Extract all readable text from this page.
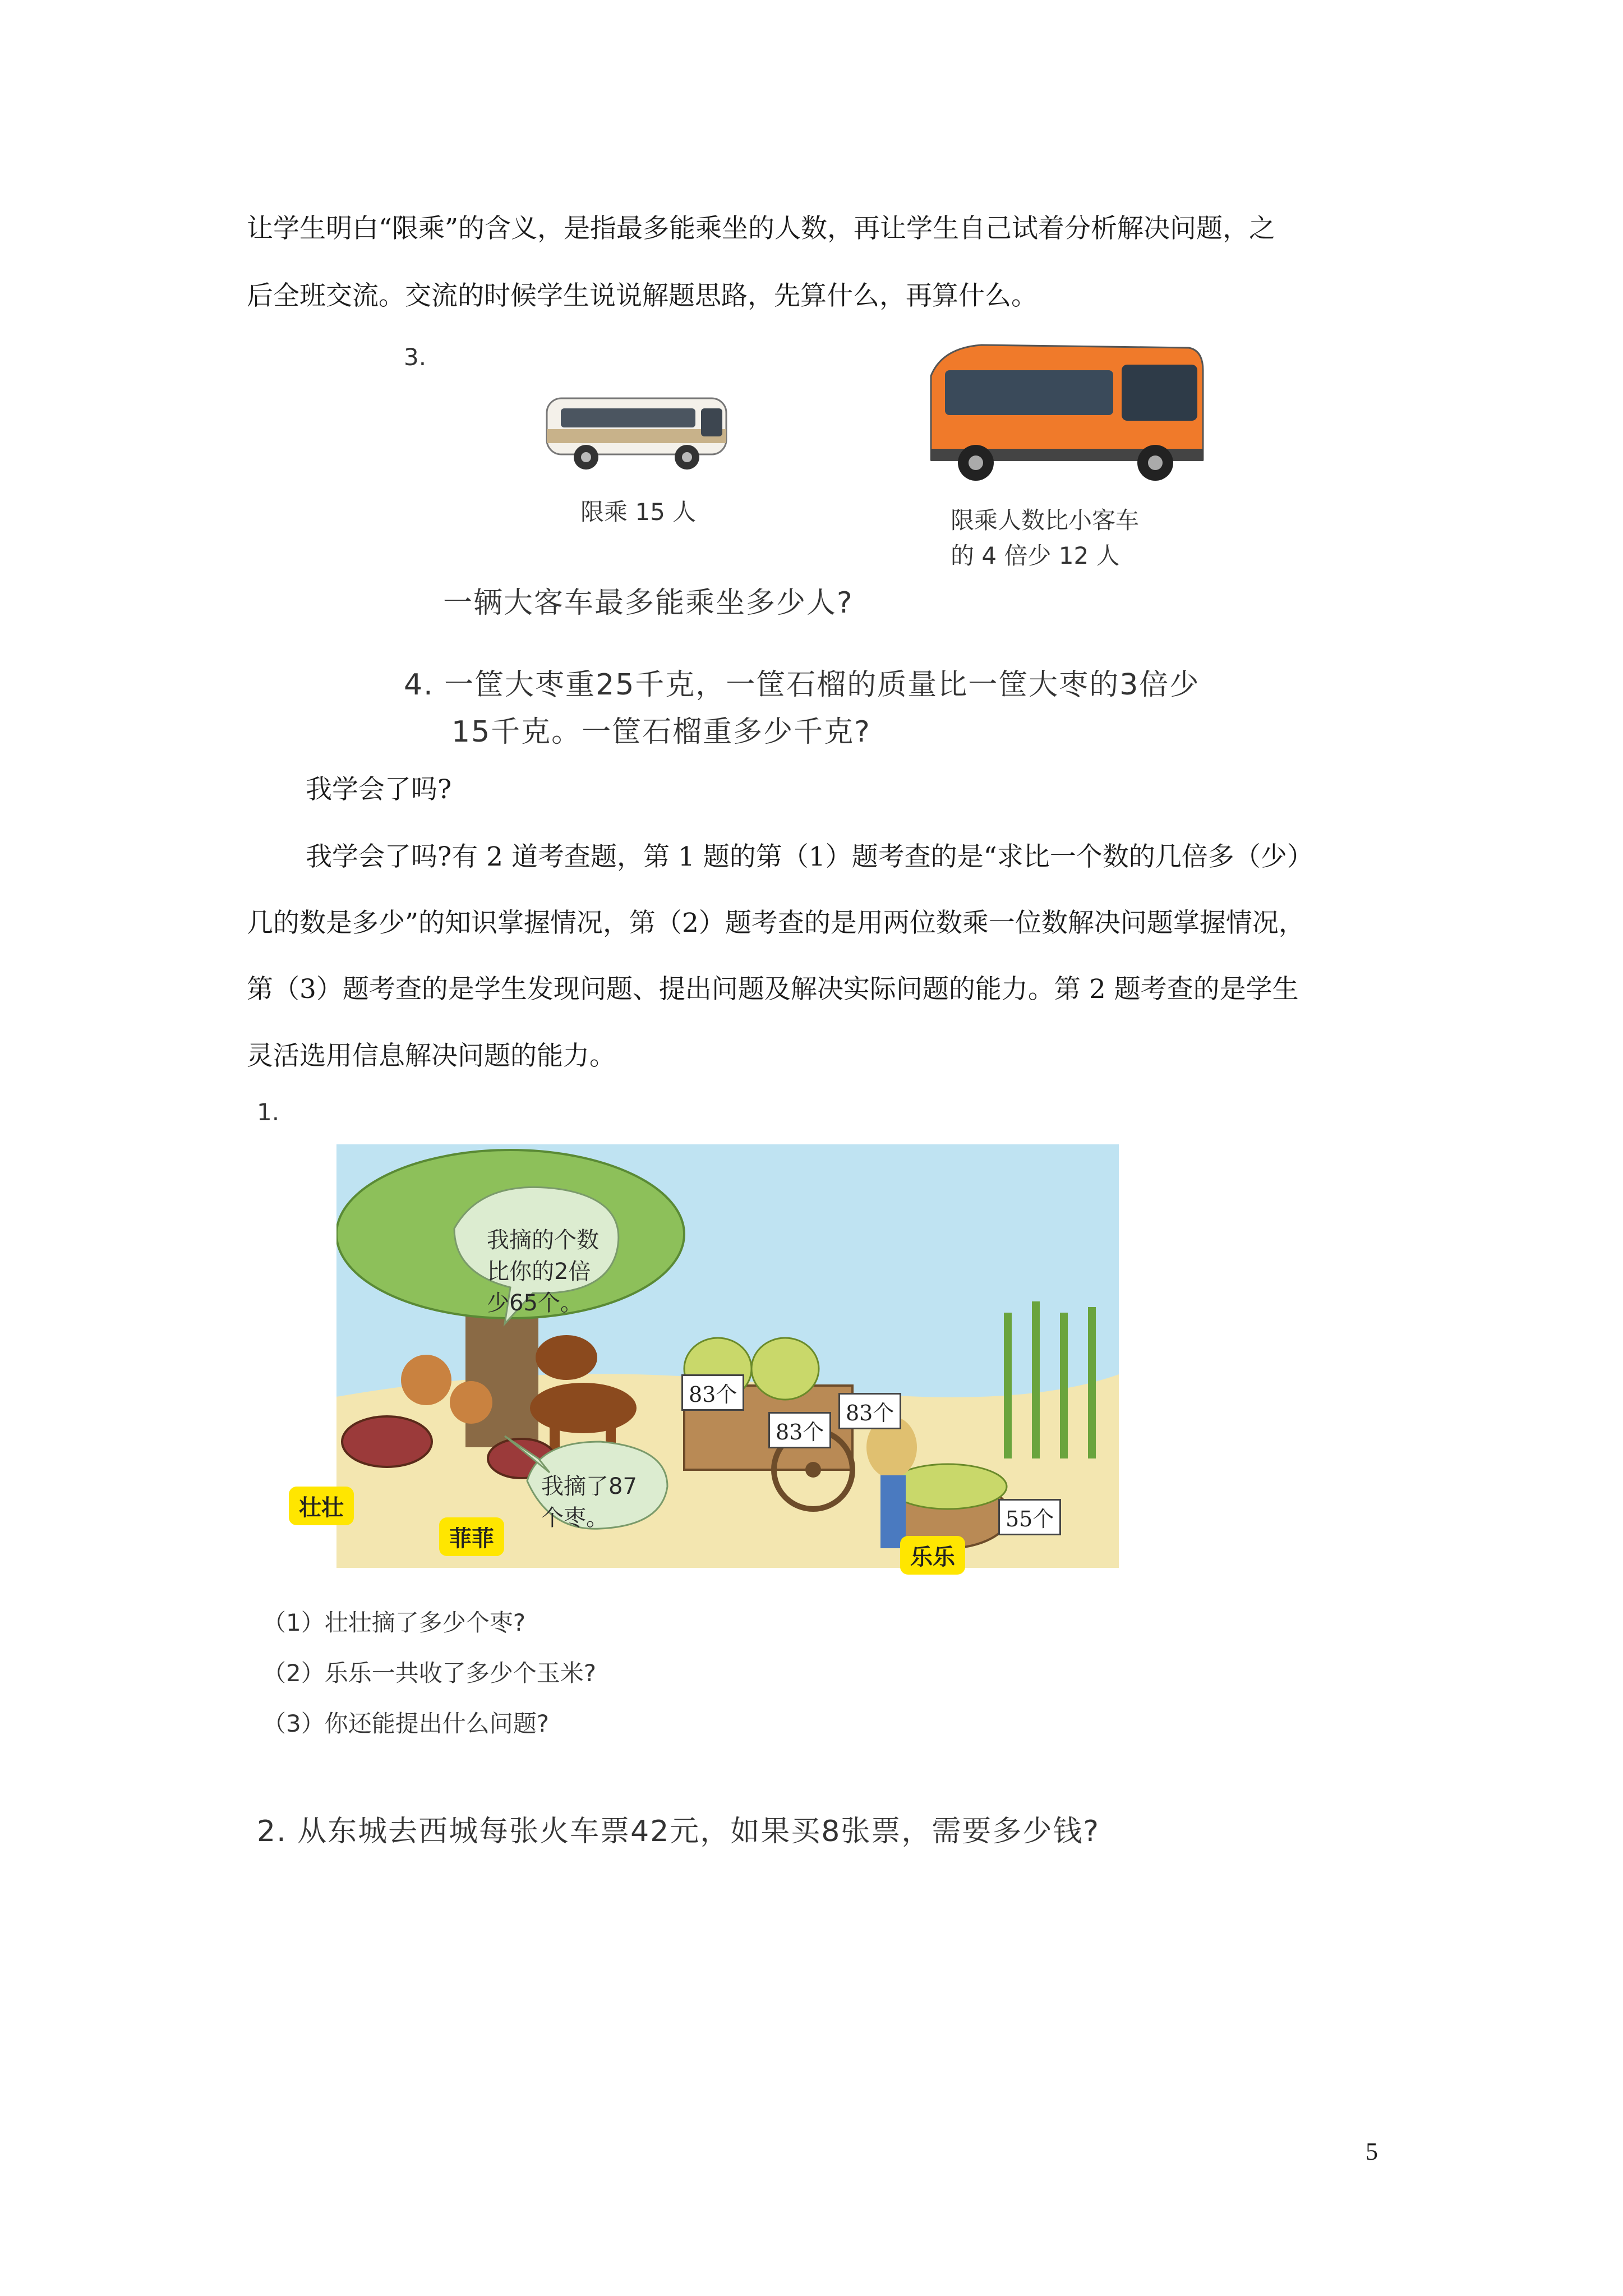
让学生明白“限乘”的含义，是指最多能乘坐的人数，再让学生自己试着分析解决问题，之
后全班交流。交流的时候学生说说解题思路，先算什么，再算什么。
3.
限乘 15 人	限乘人数比小客车
的 4 倍少 12 人
一辆大客车最多能乘坐多少人?
4. 一筐大枣重25千克，一筐石榴的质量比一筐大枣的3倍少
15千克。一筐石榴重多少千克?
我学会了吗?
我学会了吗?有 2 道考查题，第 1 题的第（1）题考查的是“求比一个数的几倍多（少）
几的数是多少”的知识掌握情况，第（2）题考查的是用两位数乘一位数解决问题掌握情况，
第（3）题考查的是学生发现问题、提出问题及解决实际问题的能力。第 2 题考查的是学生
灵活选用信息解决问题的能力。
1.
我摘的个数
比你的2倍
少65个。
我摘了87
个枣。
83个
83个
83个
55个
壮壮
菲菲
乐乐
（1）壮壮摘了多少个枣?
（2）乐乐一共收了多少个玉米?
（3）你还能提出什么问题?
2. 从东城去西城每张火车票42元，如果买8张票，需要多少钱?
5
